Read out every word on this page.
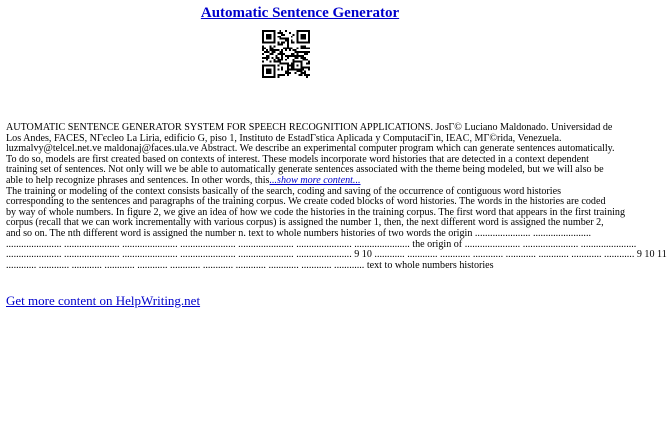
Automatic Sentence Generator
AUTOMATIC SENTENCE GENERATOR SYSTEM FOR SPEECH RECOGNITION APPLICATIONS. JosГ© Luciano Maldonado. Universidad de
Los Andes, FACES, NГєcleo La Liria, edificio G, piso 1, Instituto de EstadГstica Aplicada y ComputaciГіn, IEAC, MГ©rida, Venezuela.
luzmalvy@telcel.net.ve maldonaj@faces.ula.ve Abstract. We describe an experimental computer program which can generate sentences automatically.
To do so, models are first created based on contexts of interest. These models incorporate word histories that are detected in a context dependent
training set of sentences. Not only will we be able to automatically generate sentences associated with the theme being modeled, but we will also be
able to help recognize phrases and sentences. In other words, this...show more content...
The training or modeling of the context consists basically of the search, coding and saving of the occurrence of contiguous word histories
corresponding to the sentences and paragraphs of the training corpus. We create coded blocks of word histories. The words in the histories are coded
by way of whole numbers. In figure 2, we give an idea of how we code the histories in the training corpus. The first word that appears in the first training
corpus (recall that we can work incrementally with various corpus) is assigned the number 1, then, the next different word is assigned the number 2,
and so on. The nth different word is assigned the number n. text to whole numbers histories of two words the origin ...................... .......................
...................... ...................... ...................... ...................... ...................... ...................... ...................... the origin of ...................... ...................... ......................
...................... ...................... ...................... ...................... ...................... ...................... 9 10 ............ ............ ............ ............ ............ ............ ............ ............ 9 10 11
............ ............ ............ ............ ............ ............ ............ ............ ............ ............ ............ text to whole numbers histories
Get more content on HelpWriting.net
